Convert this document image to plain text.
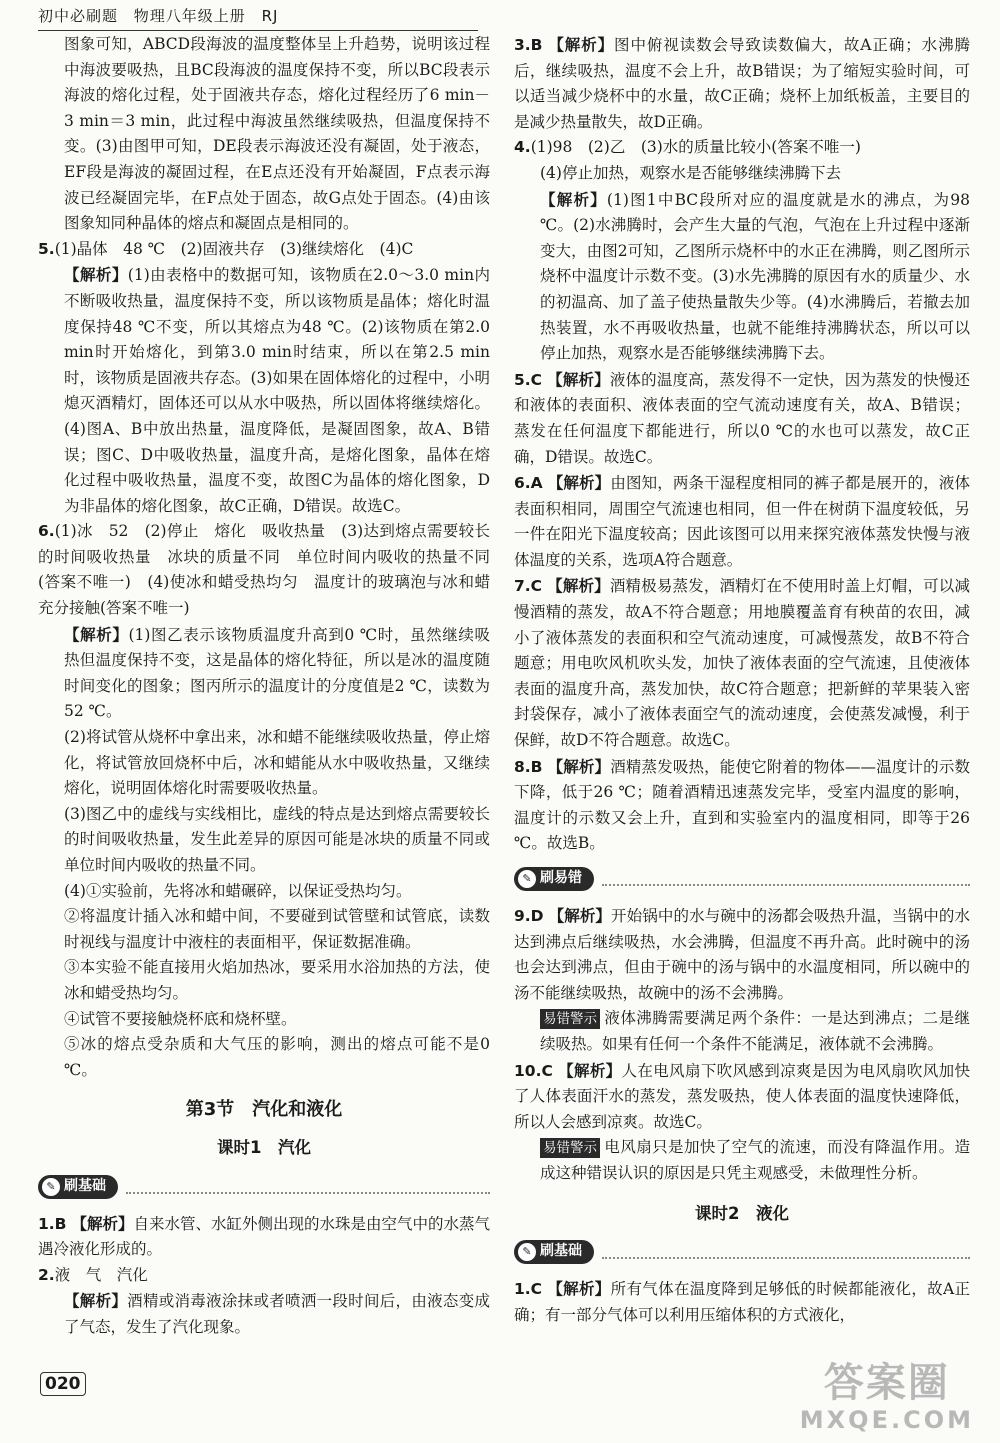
初中必刷题 物理八年级上册 RJ

图象可知，ABCD段海波的温度整体呈上升趋势，说明该过程中海波要吸热，且BC段海波的温度保持不变，所以BC段表示海波的熔化过程，处于固液共存态，熔化过程经历了6 min－3 min＝3 min，此过程中海波虽然继续吸热，但温度保持不变。(3)由图甲可知，DE段表示海波还没有凝固，处于液态，EF段是海波的凝固过程，在E点还没有开始凝固，F点表示海波已经凝固完毕，在F点处于固态，故G点处于固态。(4)由该图象知同种晶体的熔点和凝固点是相同的。

5.(1)晶体　48 ℃　(2)固液共存　(3)继续熔化　(4)C

【解析】(1)由表格中的数据可知，该物质在2.0～3.0 min内不断吸收热量，温度保持不变，所以该物质是晶体；熔化时温度保持48 ℃不变，所以其熔点为48 ℃。(2)该物质在第2.0 min时开始熔化，到第3.0 min时结束，所以在第2.5 min时，该物质是固液共存态。(3)如果在固体熔化的过程中，小明熄灭酒精灯，固体还可以从水中吸热，所以固体将继续熔化。(4)图A、B中放出热量，温度降低，是凝固图象，故A、B错误；图C、D中吸收热量，温度升高，是熔化图象，晶体在熔化过程中吸收热量，温度不变，故图C为晶体的熔化图象，D为非晶体的熔化图象，故C正确，D错误。故选C。

6.(1)冰　52　(2)停止　熔化　吸收热量　(3)达到熔点需要较长的时间吸收热量　冰块的质量不同　单位时间内吸收的热量不同(答案不唯一)　(4)使冰和蜡受热均匀　温度计的玻璃泡与冰和蜡充分接触(答案不唯一)

【解析】(1)图乙表示该物质温度升高到0 ℃时，虽然继续吸热但温度保持不变，这是晶体的熔化特征，所以是冰的温度随时间变化的图象；图丙所示的温度计的分度值是2 ℃，读数为52 ℃。

(2)将试管从烧杯中拿出来，冰和蜡不能继续吸收热量，停止熔化，将试管放回烧杯中后，冰和蜡能从水中吸收热量，又继续熔化，说明固体熔化时需要吸收热量。

(3)图乙中的虚线与实线相比，虚线的特点是达到熔点需要较长的时间吸收热量，发生此差异的原因可能是冰块的质量不同或单位时间内吸收的热量不同。

(4)①实验前，先将冰和蜡碾碎，以保证受热均匀。

②将温度计插入冰和蜡中间，不要碰到试管壁和试管底，读数时视线与温度计中液柱的表面相平，保证数据准确。

③本实验不能直接用火焰加热冰，要采用水浴加热的方法，使冰和蜡受热均匀。

④试管不要接触烧杯底和烧杯壁。

⑤冰的熔点受杂质和大气压的影响，测出的熔点可能不是0 ℃。

第3节　汽化和液化
课时1　汽化
✎ 刷基础

1.B 【解析】自来水管、水缸外侧出现的水珠是由空气中的水蒸气遇冷液化形成的。

2.液　气　汽化

【解析】酒精或消毒液涂抹或者喷洒一段时间后，由液态变成了气态，发生了汽化现象。

3.B 【解析】图中俯视读数会导致读数偏大，故A正确；水沸腾后，继续吸热，温度不会上升，故B错误；为了缩短实验时间，可以适当减少烧杯中的水量，故C正确；烧杯上加纸板盖，主要目的是减少热量散失，故D正确。

4.(1)98　(2)乙　(3)水的质量比较小(答案不唯一)

(4)停止加热，观察水是否能够继续沸腾下去

【解析】(1)图1中BC段所对应的温度就是水的沸点，为98 ℃。(2)水沸腾时，会产生大量的气泡，气泡在上升过程中逐渐变大，由图2可知，乙图所示烧杯中的水正在沸腾，则乙图所示烧杯中温度计示数不变。(3)水先沸腾的原因有水的质量少、水的初温高、加了盖子使热量散失少等。(4)水沸腾后，若撤去加热装置，水不再吸收热量，也就不能维持沸腾状态，所以可以停止加热，观察水是否能够继续沸腾下去。

5.C 【解析】液体的温度高，蒸发得不一定快，因为蒸发的快慢还和液体的表面积、液体表面的空气流动速度有关，故A、B错误；蒸发在任何温度下都能进行，所以0 ℃的水也可以蒸发，故C正确，D错误。故选C。

6.A 【解析】由图知，两条干湿程度相同的裤子都是展开的，液体表面积相同，周围空气流速也相同，但一件在树荫下温度较低，另一件在阳光下温度较高；因此该图可以用来探究液体蒸发快慢与液体温度的关系，选项A符合题意。

7.C 【解析】酒精极易蒸发，酒精灯在不使用时盖上灯帽，可以减慢酒精的蒸发，故A不符合题意；用地膜覆盖育有秧苗的农田，减小了液体蒸发的表面积和空气流动速度，可减慢蒸发，故B不符合题意；用电吹风机吹头发，加快了液体表面的空气流速，且使液体表面的温度升高，蒸发加快，故C符合题意；把新鲜的苹果装入密封袋保存，减小了液体表面空气的流动速度，会使蒸发减慢，利于保鲜，故D不符合题意。故选C。

8.B 【解析】酒精蒸发吸热，能使它附着的物体——温度计的示数下降，低于26 ℃；随着酒精迅速蒸发完毕，受室内温度的影响，温度计的示数又会上升，直到和实验室内的温度相同，即等于26 ℃。故选B。

✎ 刷易错

9.D 【解析】开始锅中的水与碗中的汤都会吸热升温，当锅中的水达到沸点后继续吸热，水会沸腾，但温度不再升高。此时碗中的汤也会达到沸点，但由于碗中的汤与锅中的水温度相同，所以碗中的汤不能继续吸热，故碗中的汤不会沸腾。

易错警示 液体沸腾需要满足两个条件：一是达到沸点；二是继续吸热。如果有任何一个条件不能满足，液体就不会沸腾。

10.C 【解析】人在电风扇下吹风感到凉爽是因为电风扇吹风加快了人体表面汗水的蒸发，蒸发吸热，使人体表面的温度快速降低，所以人会感到凉爽。故选C。

易错警示 电风扇只是加快了空气的流速，而没有降温作用。造成这种错误认识的原因是只凭主观感受，未做理性分析。

课时2　液化
✎ 刷基础

1.C 【解析】所有气体在温度降到足够低的时候都能液化，故A正确；有一部分气体可以利用压缩体积的方式液化，

020	答案圈
MXQE.COM
